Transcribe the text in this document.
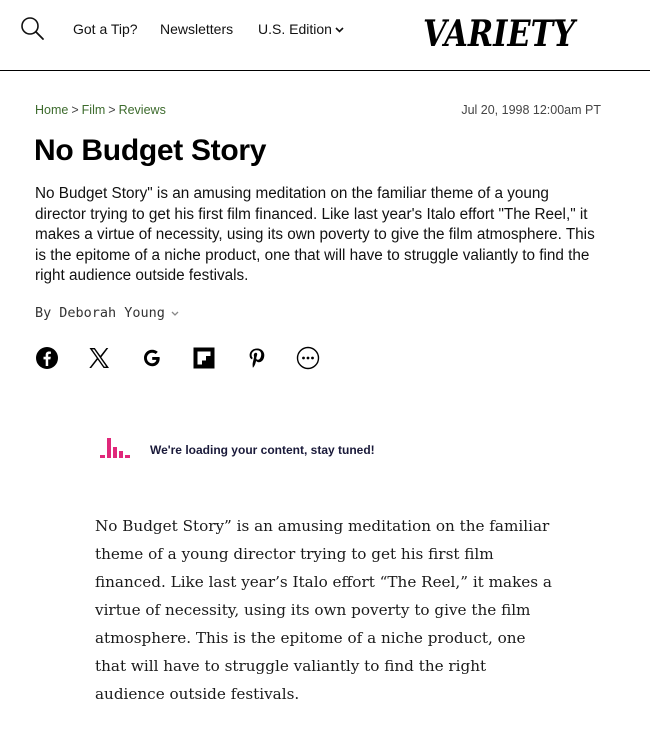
Got a Tip? Newsletters U.S. Edition	VARIETY
Home > Film > Reviews	Jul 20, 1998 12:00am PT
No Budget Story

No Budget Story" is an amusing meditation on the familiar theme of a young director trying to get his first film financed. Like last year's Italo effort "The Reel," it makes a virtue of necessity, using its own poverty to give the film atmosphere. This is the epitome of a niche product, one that will have to struggle valiantly to find the right audience outside festivals.

By Deborah Young
We're loading your content, stay tuned!

No Budget Story” is an amusing meditation on the familiar theme of a young director trying to get his first film financed. Like last year’s Italo effort “The Reel,” it makes a virtue of necessity, using its own poverty to give the film atmosphere. This is the epitome of a niche product, one that will have to struggle valiantly to find the right audience outside festivals.
